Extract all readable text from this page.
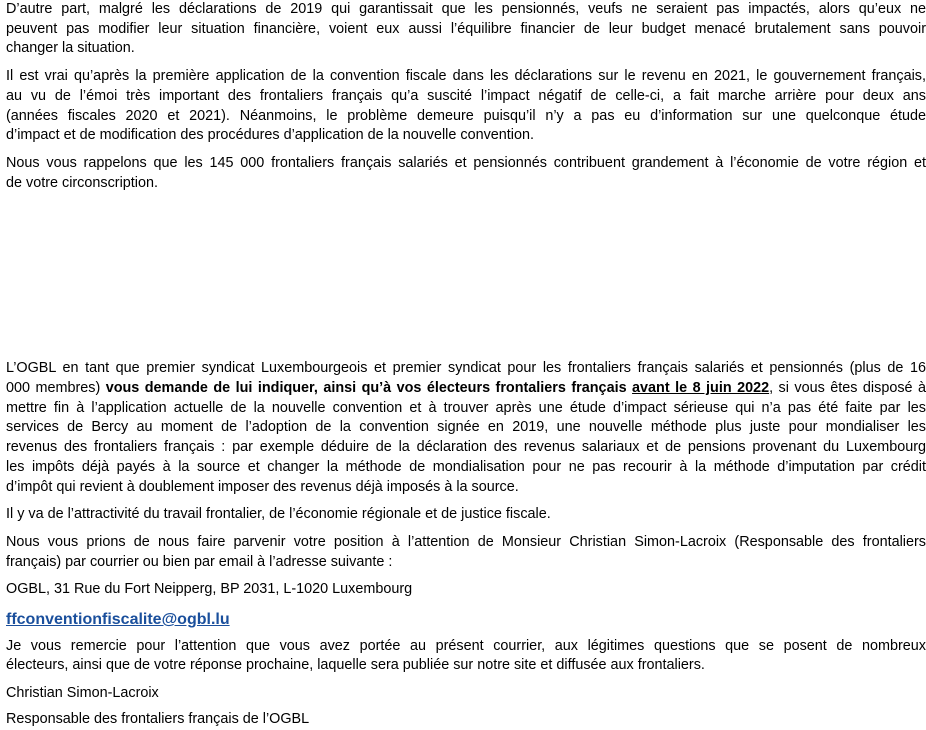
D’autre part, malgré les déclarations de 2019 qui garantissait que les pensionnés, veufs ne seraient pas impactés, alors qu’eux ne
peuvent pas modifier leur situation financière, voient eux aussi l’équilibre financier de leur budget menacé brutalement sans pouvoir
changer la situation.

Il est vrai qu’après la première application de la convention fiscale dans les déclarations sur le revenu en 2021, le gouvernement français,
au vu de l’émoi très important des frontaliers français qu’a suscité l’impact négatif de celle-ci, a fait marche arrière pour deux ans
(années fiscales 2020 et 2021). Néanmoins, le problème demeure puisqu’il n’y a pas eu d’information sur une quelconque étude
d’impact et de modification des procédures d’application de la nouvelle convention.

Nous vous rappelons que les 145 000 frontaliers français salariés et pensionnés contribuent grandement à l’économie de votre région et
de votre circonscription.

L’OGBL en tant que premier syndicat Luxembourgeois et premier syndicat pour les frontaliers français salariés et pensionnés (plus de 16
000 membres) vous demande de lui indiquer, ainsi qu’à vos électeurs frontaliers français avant le 8 juin 2022, si vous êtes disposé à
mettre fin à l’application actuelle de la nouvelle convention et à trouver après une étude d’impact sérieuse qui n’a pas été faite par les
services de Bercy au moment de l’adoption de la convention signée en 2019, une nouvelle méthode plus juste pour mondialiser les
revenus des frontaliers français : par exemple déduire de la déclaration des revenus salariaux et de pensions provenant du Luxembourg
les impôts déjà payés à la source et changer la méthode de mondialisation pour ne pas recourir à la méthode d’imputation par crédit
d’impôt qui revient à doublement imposer des revenus déjà imposés à la source.

Il y va de l’attractivité du travail frontalier, de l’économie régionale et de justice fiscale.

Nous vous prions de nous faire parvenir votre position à l’attention de Monsieur Christian Simon-Lacroix (Responsable des frontaliers
français) par courrier ou bien par email à l’adresse suivante :

OGBL, 31 Rue du Fort Neipperg, BP 2031, L-1020 Luxembourg

ffconventionfiscalite@ogbl.lu

Je vous remercie pour l’attention que vous avez portée au présent courrier, aux légitimes questions que se posent de nombreux
électeurs, ainsi que de votre réponse prochaine, laquelle sera publiée sur notre site et diffusée aux frontaliers.

Christian Simon-Lacroix

Responsable des frontaliers français de l’OGBL
